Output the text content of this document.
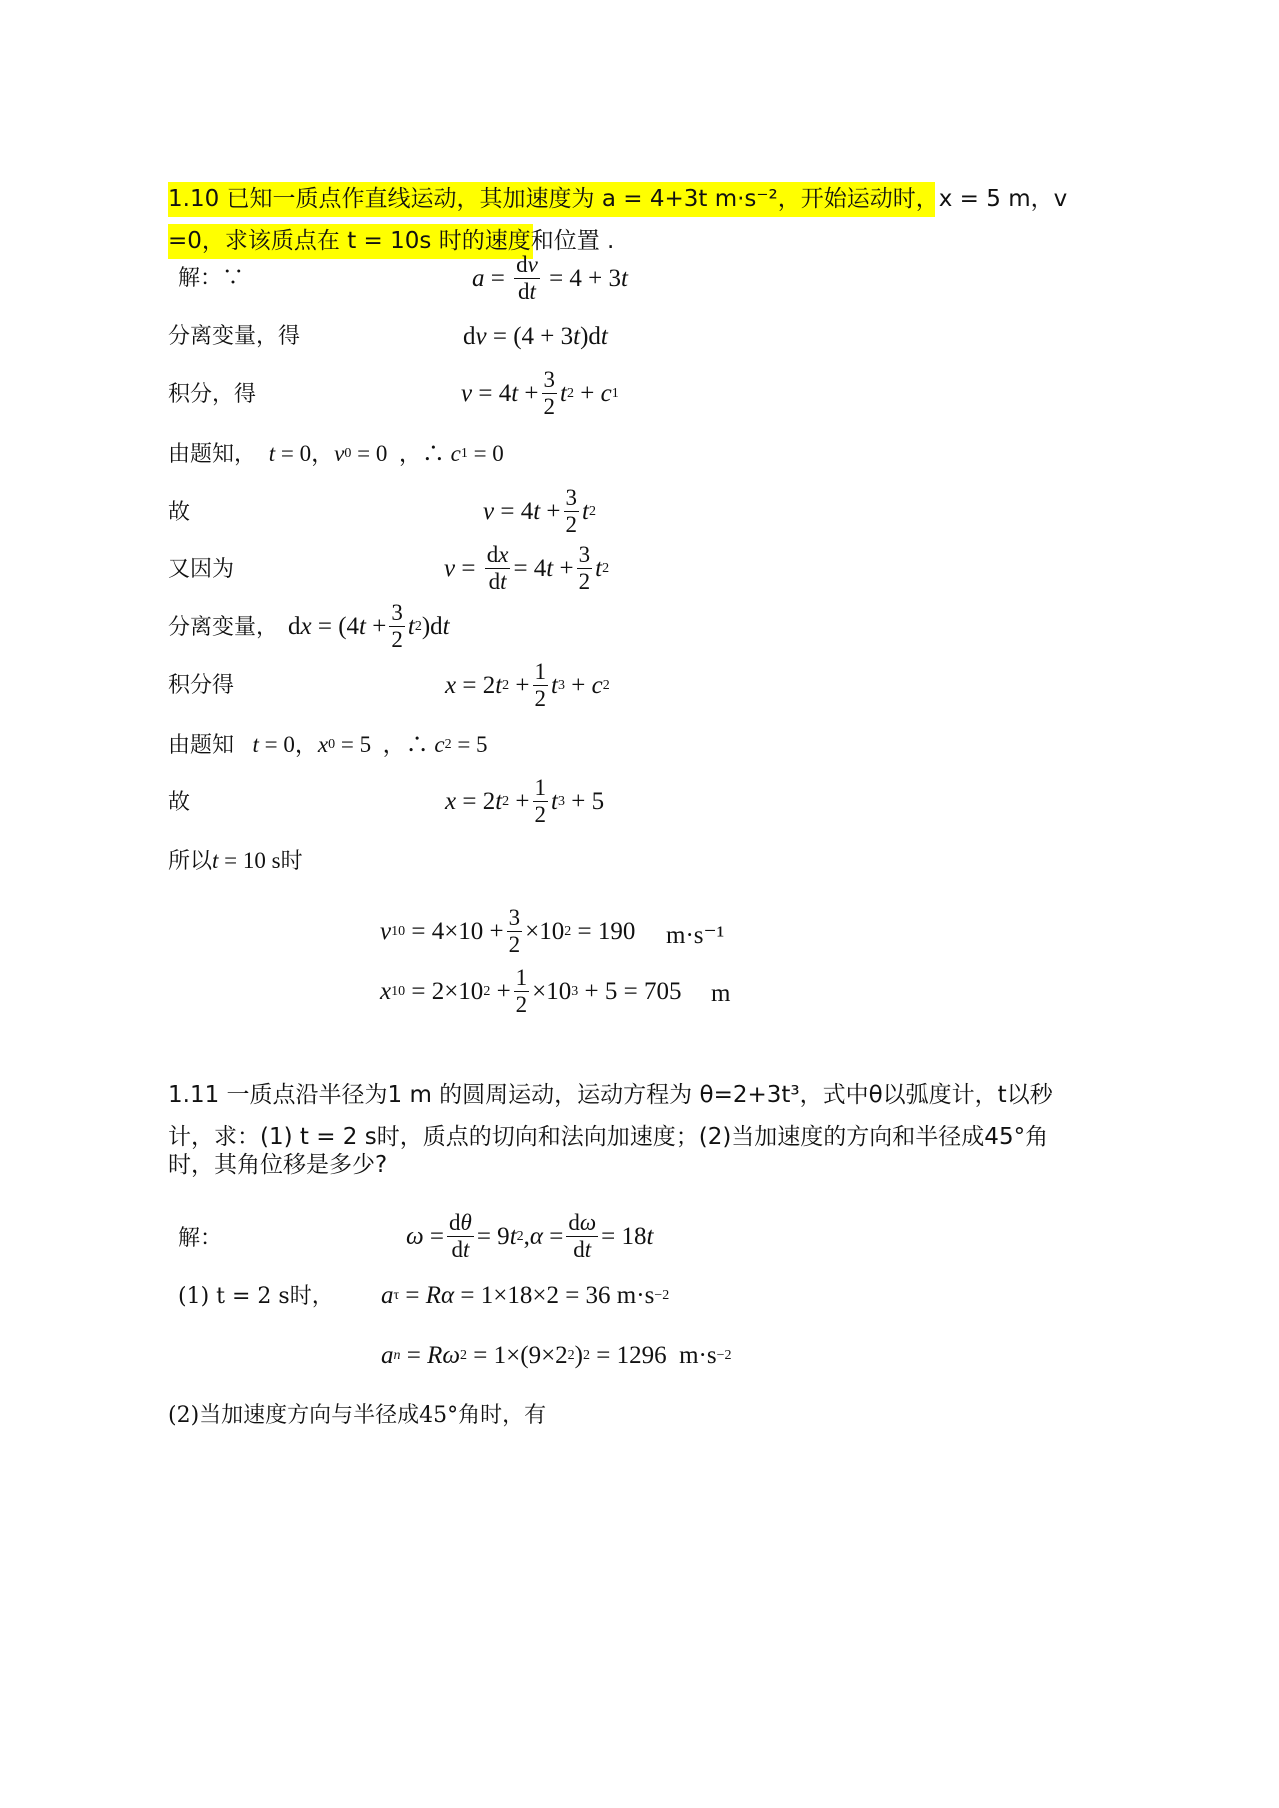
1.10 已知一质点作直线运动，其加速度为 a = 4+3t m·s⁻²，开始运动时，x = 5 m，v
=0，求该质点在 t = 10s 时的速度和位置 .
解：∵	$a = \frac{dv}{dt} = 4 + 3$ t
分离变量，得	d v = (4 + 3 t )d t
积分，得	v = 4 $t + \frac{3}{2}$ t 2 + c 1
由题知， t = 0， v 0 = 0  ，∴ c 1 = 0
故	v = 4 $t + \frac{3}{2}$ t 2
又因为	$v = \frac{dx}{dt} = 4$ $t + \frac{3}{2}$ t 2
分离变量， d x = (4 $t + \frac{3}{2}$ t 2 )d t
积分得	x = 2 t $2 + \frac{1}{2}$ t 3 + c 2
由题知 t = 0， x 0 = 5  ，∴ c 2 = 5
故	x = 2 t $2 + \frac{1}{2}$ t 3 + 5
所以 t = 10 s时
v $10 = 4\times 10 + \frac{3}{2} \times 10$ 2 = 190 m·s⁻¹
x 10 = 2×10 $2 + \frac{1}{2} \times 10$ 3 + 5 = 705 m
1.11 一质点沿半径为1 m 的圆周运动，运动方程为 θ=2+3t³，式中θ以弧度计，t以秒
计，求：(1) t = 2 s时，质点的切向和法向加速度；(2)当加速度的方向和半径成45°角
时，其角位移是多少?
解：	$\omega = \frac{d\theta}{dt} = 9$ t 2 , $\alpha = \frac{d\omega}{dt} = 18$ t
(1) t = 2 s时， a τ = Rα = 1×18×2 = 36 m·s −2
a n = Rω 2 = 1×(9×2 2 ) 2 = 1296  m·s −2
(2)当加速度方向与半径成45°角时，有
